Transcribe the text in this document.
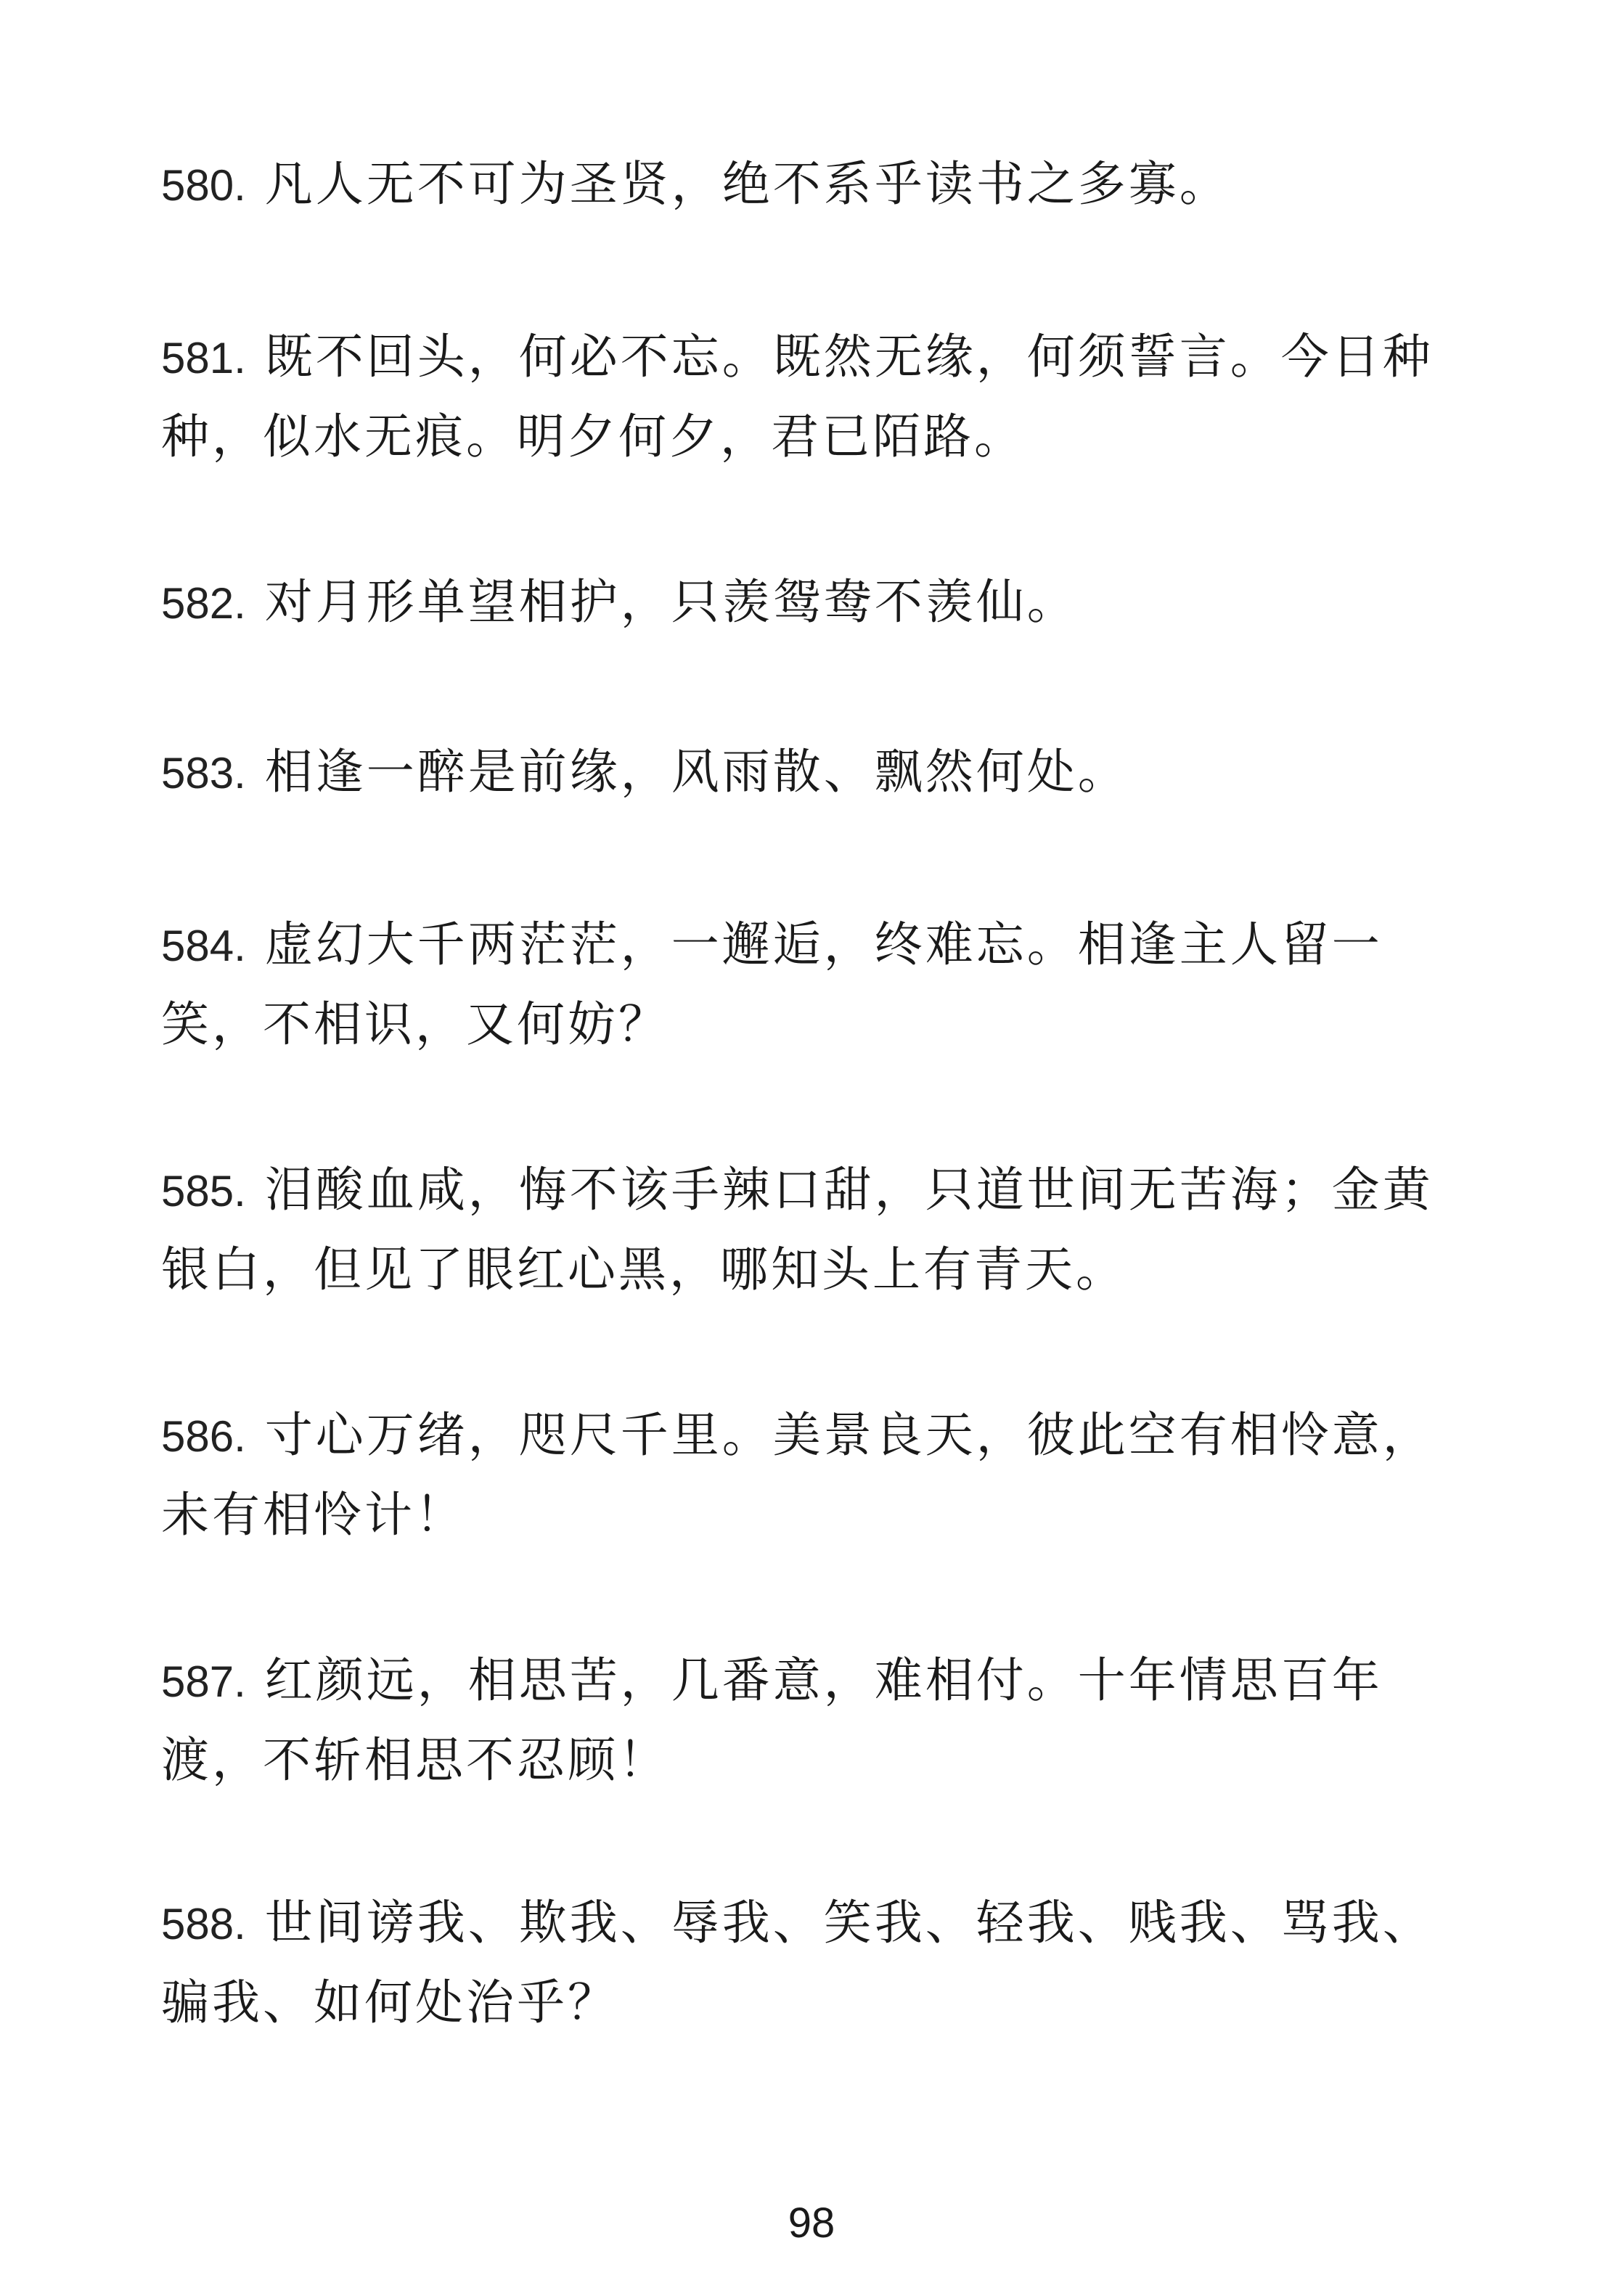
580. 凡人无不可为圣贤，绝不系乎读书之多寡。
581. 既不回头，何必不忘。既然无缘，何须誓言。今日种种，似水无痕。明夕何夕，君已陌路。
582. 对月形单望相护，只羡鸳鸯不羡仙。
583. 相逢一醉是前缘，风雨散、飘然何处。
584. 虚幻大千两茫茫，一邂逅，终难忘。相逢主人留一笑，不相识，又何妨？
585. 泪酸血咸，悔不该手辣口甜，只道世间无苦海；金黄银白，但见了眼红心黑，哪知头上有青天。
586. 寸心万绪，咫尺千里。美景良天，彼此空有相怜意，未有相怜计！
587. 红颜远，相思苦，几番意，难相付。十年情思百年渡，不斩相思不忍顾！
588. 世间谤我、欺我、辱我、笑我、轻我、贱我、骂我、骗我、如何处治乎？
98
